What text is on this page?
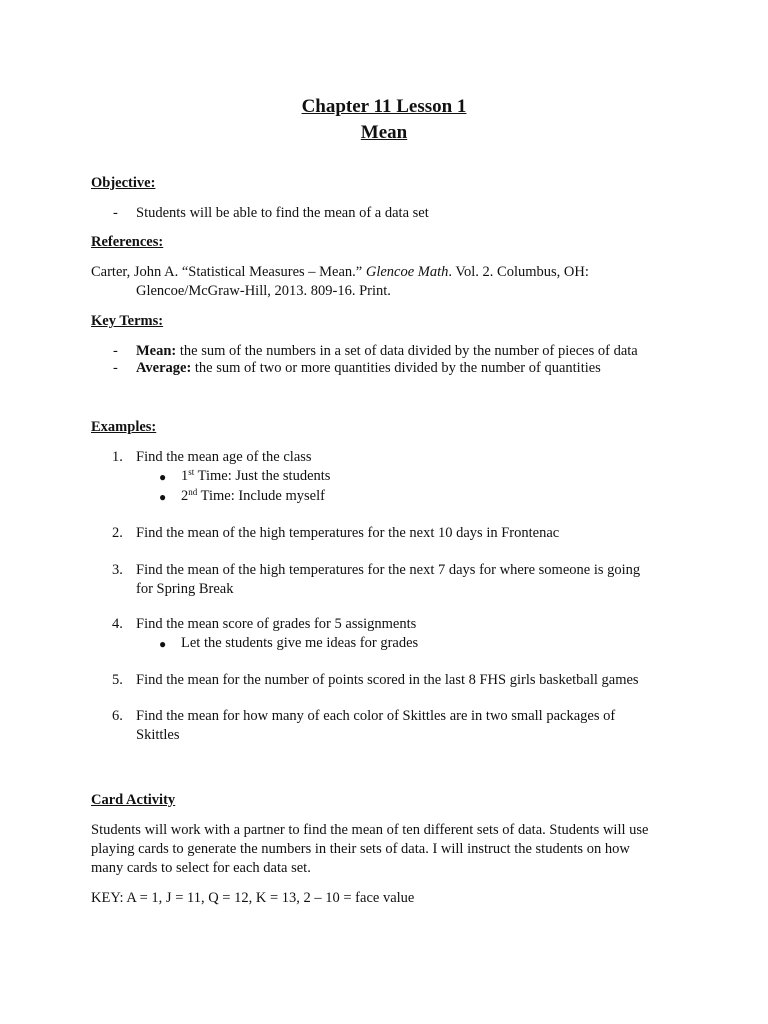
Chapter 11 Lesson 1

Mean

Objective:

- Students will be able to find the mean of a data set

References:

Carter, John A. “Statistical Measures – Mean.” Glencoe Math. Vol. 2. Columbus, OH:

Glencoe/McGraw-Hill, 2013. 809-16. Print.

Key Terms:

- Mean: the sum of the numbers in a set of data divided by the number of pieces of data

- Average: the sum of two or more quantities divided by the number of quantities

Examples:

1. Find the mean age of the class
● 1st Time: Just the students

● 2nd Time: Include myself

2. Find the mean of the high temperatures for the next 10 days in Frontenac
3. Find the mean of the high temperatures for the next 7 days for where someone is going
for Spring Break
4. Find the mean score of grades for 5 assignments
● Let the students give me ideas for grades
5. Find the mean for the number of points scored in the last 8 FHS girls basketball games
6. Find the mean for how many of each color of Skittles are in two small packages of
Skittles

Card Activity

Students will work with a partner to find the mean of ten different sets of data. Students will use

playing cards to generate the numbers in their sets of data. I will instruct the students on how

many cards to select for each data set.

KEY: A = 1, J = 11, Q = 12, K = 13, 2 – 10 = face value
